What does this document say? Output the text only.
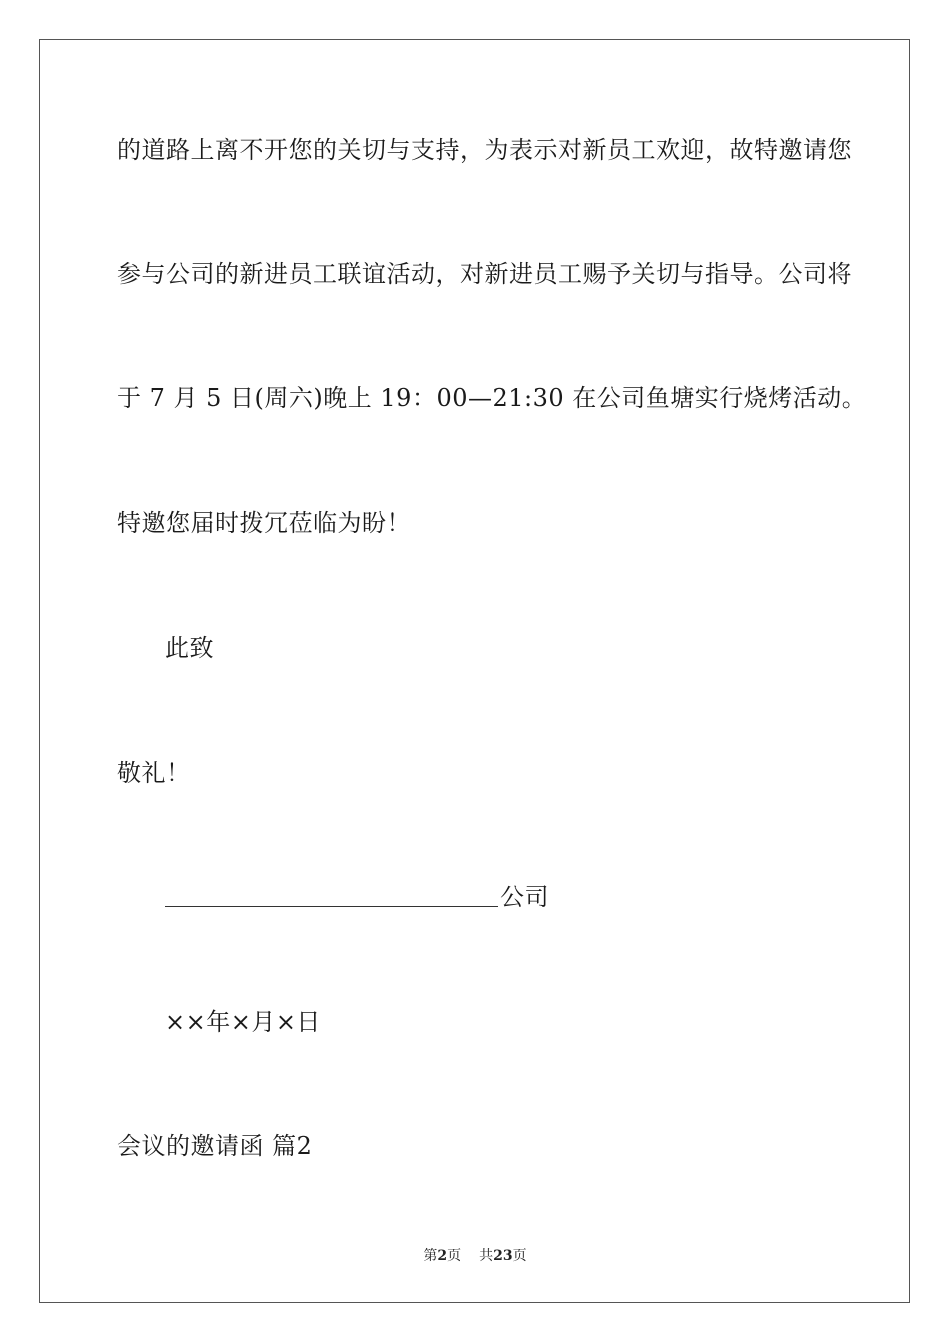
的道路上离不开您的关切与支持，为表示对新员工欢迎，故特邀请您
参与公司的新进员工联谊活动，对新进员工赐予关切与指导。公司将
于 7 月 5 日(周六)晚上 19：00—21:30 在公司鱼塘实行烧烤活动。
特邀您届时拨冗莅临为盼！
此致
敬礼！
公司
××年×月×日
会议的邀请函 篇2
第2页 共23页
